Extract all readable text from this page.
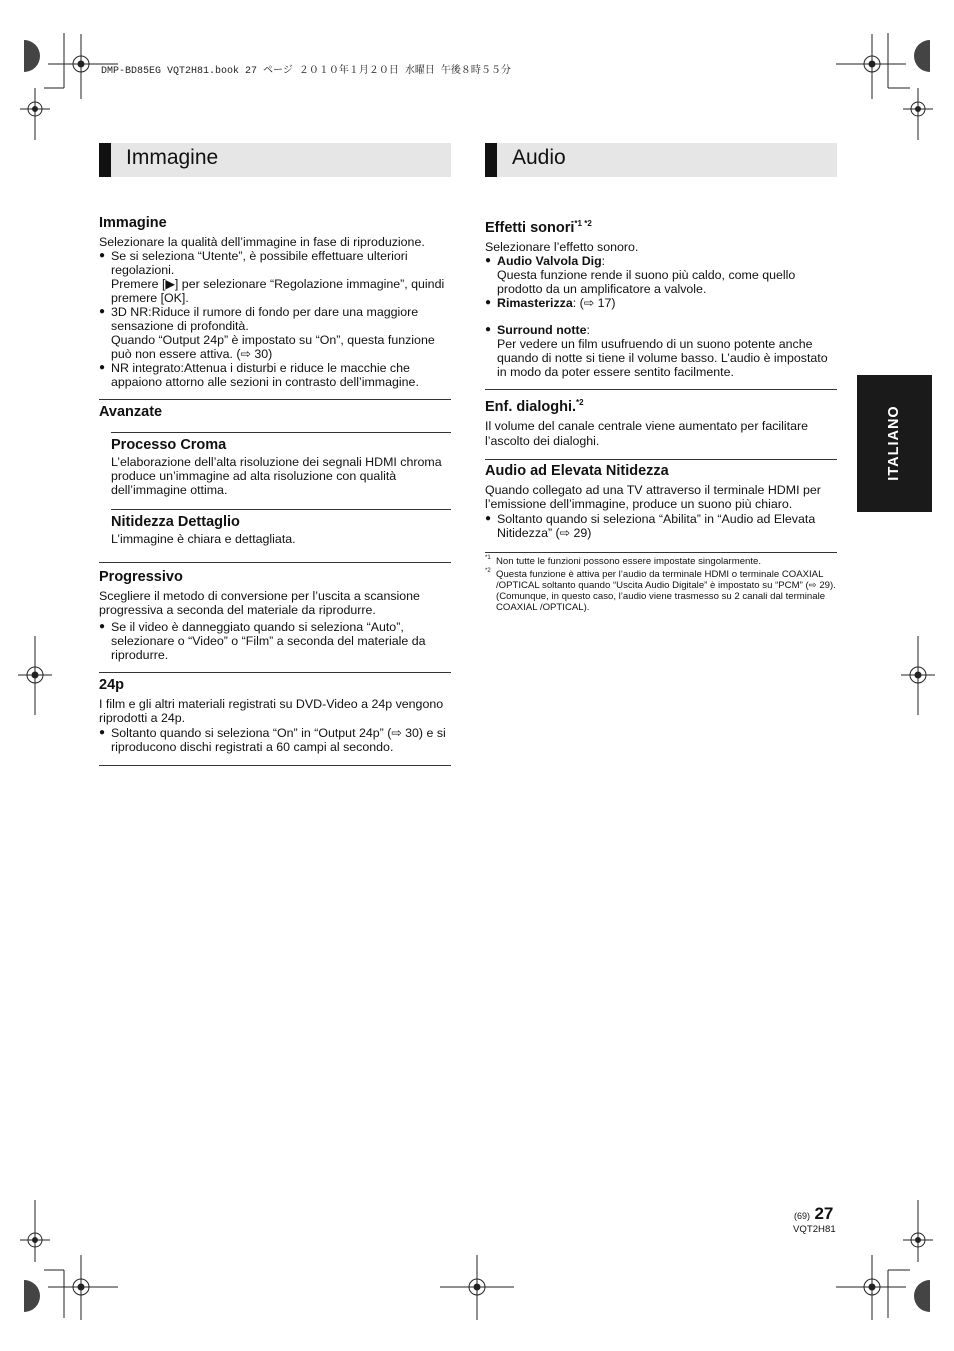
DMP-BD85EG VQT2H81.book 27 ページ ２０１０年１月２０日 水曜日 午後８時５５分
Immagine
Immagine

Selezionare la qualità dell’immagine in fase di riproduzione.

● Se si seleziona “Utente”, è possibile effettuare ulteriori regolazioni.
Premere [▶] per selezionare “Regolazione immagine”, quindi premere [OK].
● 3D NR:Riduce il rumore di fondo per dare una maggiore sensazione di profondità.
Quando “Output 24p” è impostato su “On”, questa funzione può non essere attiva. (⇨ 30)
● NR integrato:Attenua i disturbi e riduce le macchie che appaiono attorno alle sezioni in contrasto dell’immagine.
Avanzate
Processo Croma

L’elaborazione dell’alta risoluzione dei segnali HDMI chroma produce un’immagine ad alta risoluzione con qualità dell’immagine ottima.

Nitidezza Dettaglio

L’immagine è chiara e dettagliata.

Progressivo

Scegliere il metodo di conversione per l’uscita a scansione progressiva a seconda del materiale da riprodurre.

● Se il video è danneggiato quando si seleziona “Auto”, selezionare o “Video” o “Film” a seconda del materiale da riprodurre.
24p

I film e gli altri materiali registrati su DVD-Video a 24p vengono riprodotti a 24p.

● Soltanto quando si seleziona “On” in “Output 24p” (⇨ 30) e si riproducono dischi registrati a 60 campi al secondo.
Audio
Effetti sonori$^{*1 *2}$

Selezionare l’effetto sonoro.

● Audio Valvola Dig:
Questa funzione rende il suono più caldo, come quello prodotto da un amplificatore a valvole.
● Rimasterizza: (⇨ 17)
● Surround notte:
Per vedere un film usufruendo di un suono potente anche quando di notte si tiene il volume basso. L’audio è impostato in modo da poter essere sentito facilmente.
Enf. dialoghi.$^{*2}$

Il volume del canale centrale viene aumentato per facilitare l’ascolto dei dialoghi.

Audio ad Elevata Nitidezza

Quando collegato ad una TV attraverso il terminale HDMI per l’emissione dell’immagine, produce un suono più chiaro.

● Soltanto quando si seleziona “Abilita” in “Audio ad Elevata Nitidezza” (⇨ 29)
*1 Non tutte le funzioni possono essere impostate singolarmente.
*2 Questa funzione è attiva per l’audio da terminale HDMI o terminale COAXIAL /OPTICAL soltanto quando “Uscita Audio Digitale” è impostato su “PCM” (⇨ 29). (Comunque, in questo caso, l’audio viene trasmesso su 2 canali dal terminale COAXIAL /OPTICAL).
ITALIANO
(69) 27
VQT2H81
